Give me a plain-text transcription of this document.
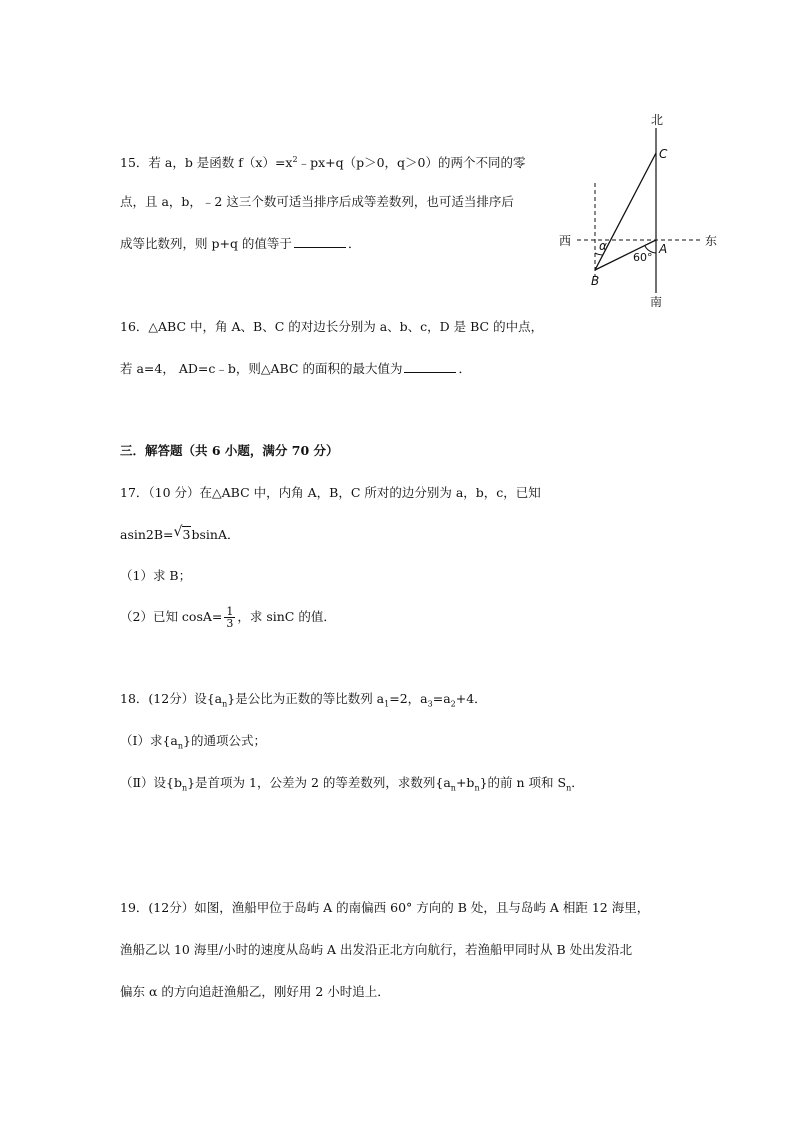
北
南
西	东
C
A
B
α
60°
15．若 a，b 是函数 $f(x)=x^2﹣px+q(p>0$，q＞0）的两个不同的零
点，且 a，b，﹣2 这三个数可适当排序后成等差数列，也可适当排序后
成等比数列，则 p+q 的值等于	．
16．△ABC 中，角 A、B、C 的对边长分别为 a、b、c，D 是 BC 的中点，
若 a=4， AD=c﹣b，则△ABC 的面积的最大值为	．
三．解答题（共 6 小题，满分 70 分）
17．（10 分）在△ABC 中，内角 A，B，C 所对的边分别为 a，b，c，已知
asin2B= √ 3bsinA．
（1）求 B；
（2）已知 $\cos A= \frac{1}{3}$ ，求 sinC 的值．
18．(12分）设$\{a_n\}$是公比为正数的等比数列 $a_1=2$，$a_3=a_2+4$．
（Ⅰ）求$\{a_n\}$的通项公式；
（Ⅱ）设$\{b_n\}$是首项为 1，公差为 2 的等差数列，求数列$\{a_n+b_n\}$的前 n 项和 $S_n$．
19．(12分）如图，渔船甲位于岛屿 A 的南偏西 60° 方向的 B 处，且与岛屿 A 相距 12 海里，
渔船乙以 10 海里/小时的速度从岛屿 A 出发沿正北方向航行，若渔船甲同时从 B 处出发沿北
偏东 α 的方向追赶渔船乙，刚好用 2 小时追上．
